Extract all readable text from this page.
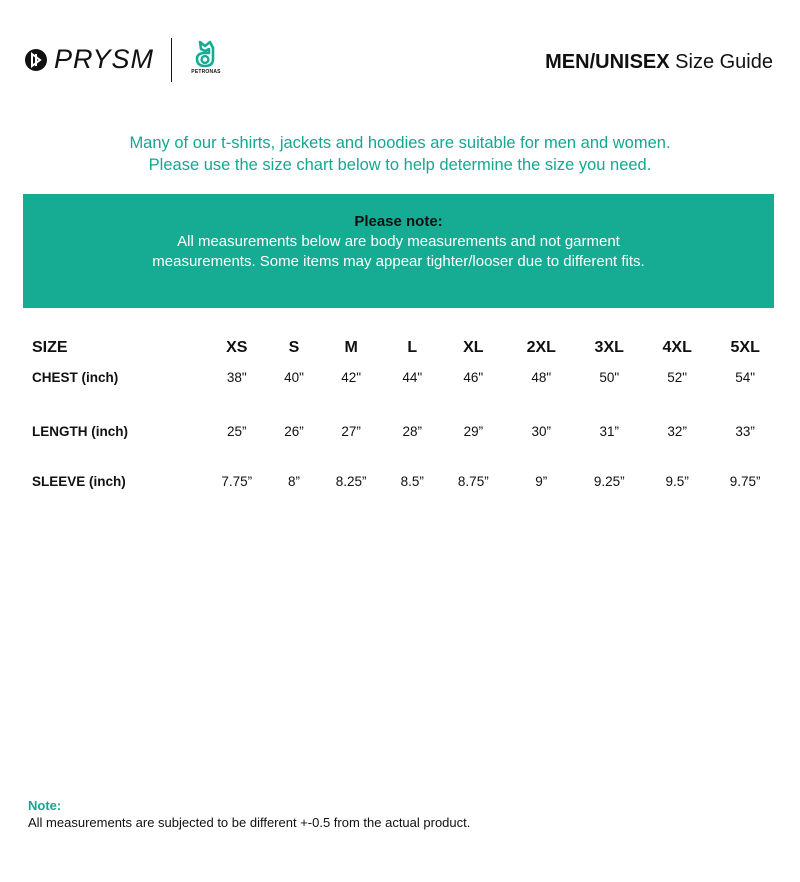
PRYSM	PETRONAS	MEN/UNISEX Size Guide
Many of our t-shirts, jackets and hoodies are suitable for men and women.
Please use the size chart below to help determine the size you need.
Please note:
All measurements below are body measurements and not garment measurements. Some items may appear tighter/looser due to different fits.
SIZE	XS	S	M	L	XL	2XL	3XL	4XL	5XL
CHEST (inch)	38"	40"	42"	44"	46"	48"	50"	52"	54"
LENGTH (inch)	25”	26”	27”	28”	29”	30”	31”	32”	33”
SLEEVE (inch)	7.75”	8”	8.25”	8.5”	8.75”	9”	9.25”	9.5”	9.75”
Note:
All measurements are subjected to be different +-0.5 from the actual product.
